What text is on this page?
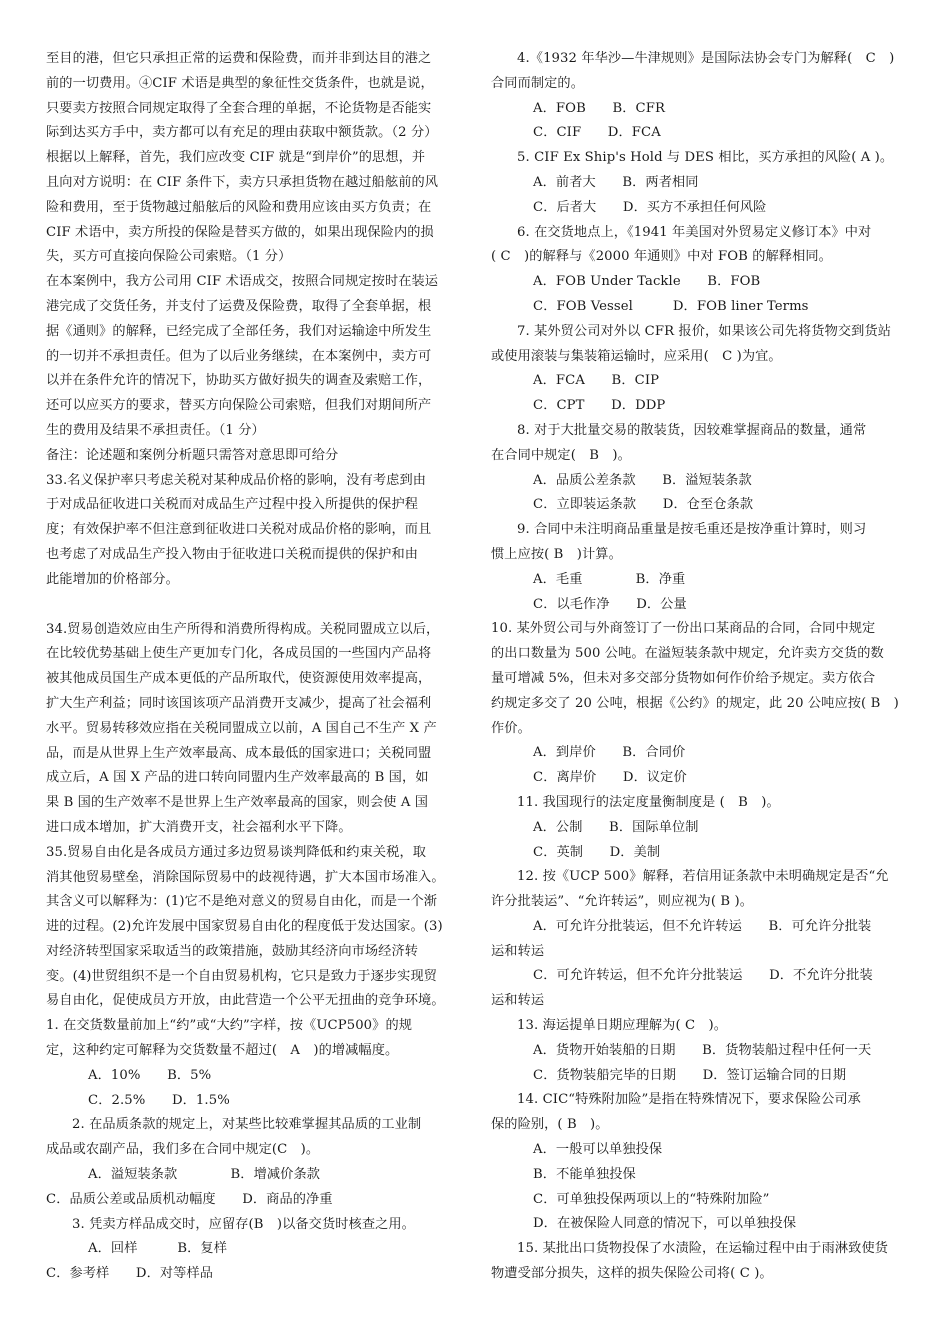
至目的港，但它只承担正常的运费和保险费，而并非到达目的港之
前的一切费用。④CIF 术语是典型的象征性交货条件，也就是说，
只要卖方按照合同规定取得了全套合理的单据，不论货物是否能实
际到达买方手中，卖方都可以有充足的理由获取中额货款。（2 分）
根据以上解释，首先，我们应改变 CIF 就是“到岸价”的思想，并
且向对方说明：在 CIF 条件下，卖方只承担货物在越过船舷前的风
险和费用，至于货物越过船舷后的风险和费用应该由买方负责；在
CIF 术语中，卖方所投的保险是替买方做的，如果出现保险内的损
失，买方可直接向保险公司索赔。（1 分）
在本案例中，我方公司用 CIF 术语成交，按照合同规定按时在装运
港完成了交货任务，并支付了运费及保险费，取得了全套单据，根
据《通则》的解释，已经完成了全部任务，我们对运输途中所发生
的一切并不承担责任。但为了以后业务继续，在本案例中，卖方可
以并在条件允许的情况下，协助买方做好损失的调查及索赔工作，
还可以应买方的要求，替买方向保险公司索赔，但我们对期间所产
生的费用及结果不承担责任。（1 分）
备注：论述题和案例分析题只需答对意思即可给分
33.名义保护率只考虑关税对某种成品价格的影响，没有考虑到由
于对成品征收进口关税而对成品生产过程中投入所提供的保护程
度；有效保护率不但注意到征收进口关税对成品价格的影响，而且
也考虑了对成品生产投入物由于征收进口关税而提供的保护和由
此能增加的价格部分。
34.贸易创造效应由生产所得和消费所得构成。关税同盟成立以后，
在比较优势基础上使生产更加专门化，各成员国的一些国内产品将
被其他成员国生产成本更低的产品所取代，使资源使用效率提高，
扩大生产利益；同时该国该项产品消费开支减少，提高了社会福利
水平。贸易转移效应指在关税同盟成立以前，A 国自己不生产 X 产
品，而是从世界上生产效率最高、成本最低的国家进口；关税同盟
成立后，A 国 X 产品的进口转向同盟内生产效率最高的 B 国，如
果 B 国的生产效率不是世界上生产效率最高的国家，则会使 A 国
进口成本增加，扩大消费开支，社会福利水平下降。
35.贸易自由化是各成员方通过多边贸易谈判降低和约束关税，取
消其他贸易壁垒，消除国际贸易中的歧视待遇，扩大本国市场准入。
其含义可以解释为：(1)它不是绝对意义的贸易自由化，而是一个渐
进的过程。(2)允许发展中国家贸易自由化的程度低于发达国家。(3)
对经济转型国家采取适当的政策措施，鼓励其经济向市场经济转
变。(4)世贸组织不是一个自由贸易机构，它只是致力于逐步实现贸
易自由化，促使成员方开放，由此营造一个公平无扭曲的竞争环境。
1. 在交货数量前加上“约”或“大约”字样，按《UCP500》的规
定，这种约定可解释为交货数量不超过(　A　)的增减幅度。
A．10%　　B．5%
C．2.5%　　D．1.5%
2. 在品质条款的规定上，对某些比较难掌握其品质的工业制
成品或农副产品，我们多在合同中规定(C　)。
A．溢短装条款　　　　B．增减价条款
C．品质公差或品质机动幅度　　D．商品的净重
3. 凭卖方样品成交时，应留存(B　)以备交货时核查之用。
A．回样　　　B．复样
C．参考样　　D．对等样品
4.《1932 年华沙—牛津规则》是国际法协会专门为解释(　C　)
合同而制定的。
A．FOB　　B．CFR
C．CIF　　D．FCA
5. CIF Ex Ship's Hold 与 DES 相比，买方承担的风险( A )。
A．前者大　　B．两者相同
C．后者大　　D．买方不承担任何风险
6. 在交货地点上，《1941 年美国对外贸易定义修订本》中对
( C　)的解释与《2000 年通则》中对 FOB 的解释相同。
A．FOB Under Tackle　　B．FOB
C．FOB Vessel　　　D．FOB liner Terms
7. 某外贸公司对外以 CFR 报价，如果该公司先将货物交到货站
或使用滚装与集装箱运输时，应采用(　C )为宜。
A．FCA　　B．CIP
C．CPT　　D．DDP
8. 对于大批量交易的散装货，因较难掌握商品的数量，通常
在合同中规定(　B　)。
A．品质公差条款　　B．溢短装条款
C．立即装运条款　　D．仓至仓条款
9. 合同中未注明商品重量是按毛重还是按净重计算时，则习
惯上应按( B　)计算。
A．毛重　　　　B．净重
C．以毛作净　　D．公量
10. 某外贸公司与外商签订了一份出口某商品的合同，合同中规定
的出口数量为 500 公吨。在溢短装条款中规定，允许卖方交货的数
量可增减 5%，但未对多交部分货物如何作价给予规定。卖方依合
约规定多交了 20 公吨，根据《公约》的规定，此 20 公吨应按( B　)
作价。
A．到岸价　　B．合同价
C．离岸价　　D．议定价
11. 我国现行的法定度量衡制度是 (　B　)。
A．公制　　B．国际单位制
C．英制　　D．美制
12. 按《UCP 500》解释，若信用证条款中未明确规定是否“允
许分批装运”、“允许转运”，则应视为( B )。
A．可允许分批装运，但不允许转运　　B．可允许分批装
运和转运
C．可允许转运，但不允许分批装运　　D．不允许分批装
运和转运
13. 海运提单日期应理解为( C　)。
A．货物开始装船的日期　　B．货物装船过程中任何一天
C．货物装船完毕的日期　　D．签订运输合同的日期
14. CIC“特殊附加险”是指在特殊情况下，要求保险公司承
保的险别，( B　)。
A．一般可以单独投保
B．不能单独投保
C．可单独投保两项以上的“特殊附加险”
D．在被保险人同意的情况下，可以单独投保
15. 某批出口货物投保了水渍险，在运输过程中由于雨淋致使货
物遭受部分损失，这样的损失保险公司将( C )。
